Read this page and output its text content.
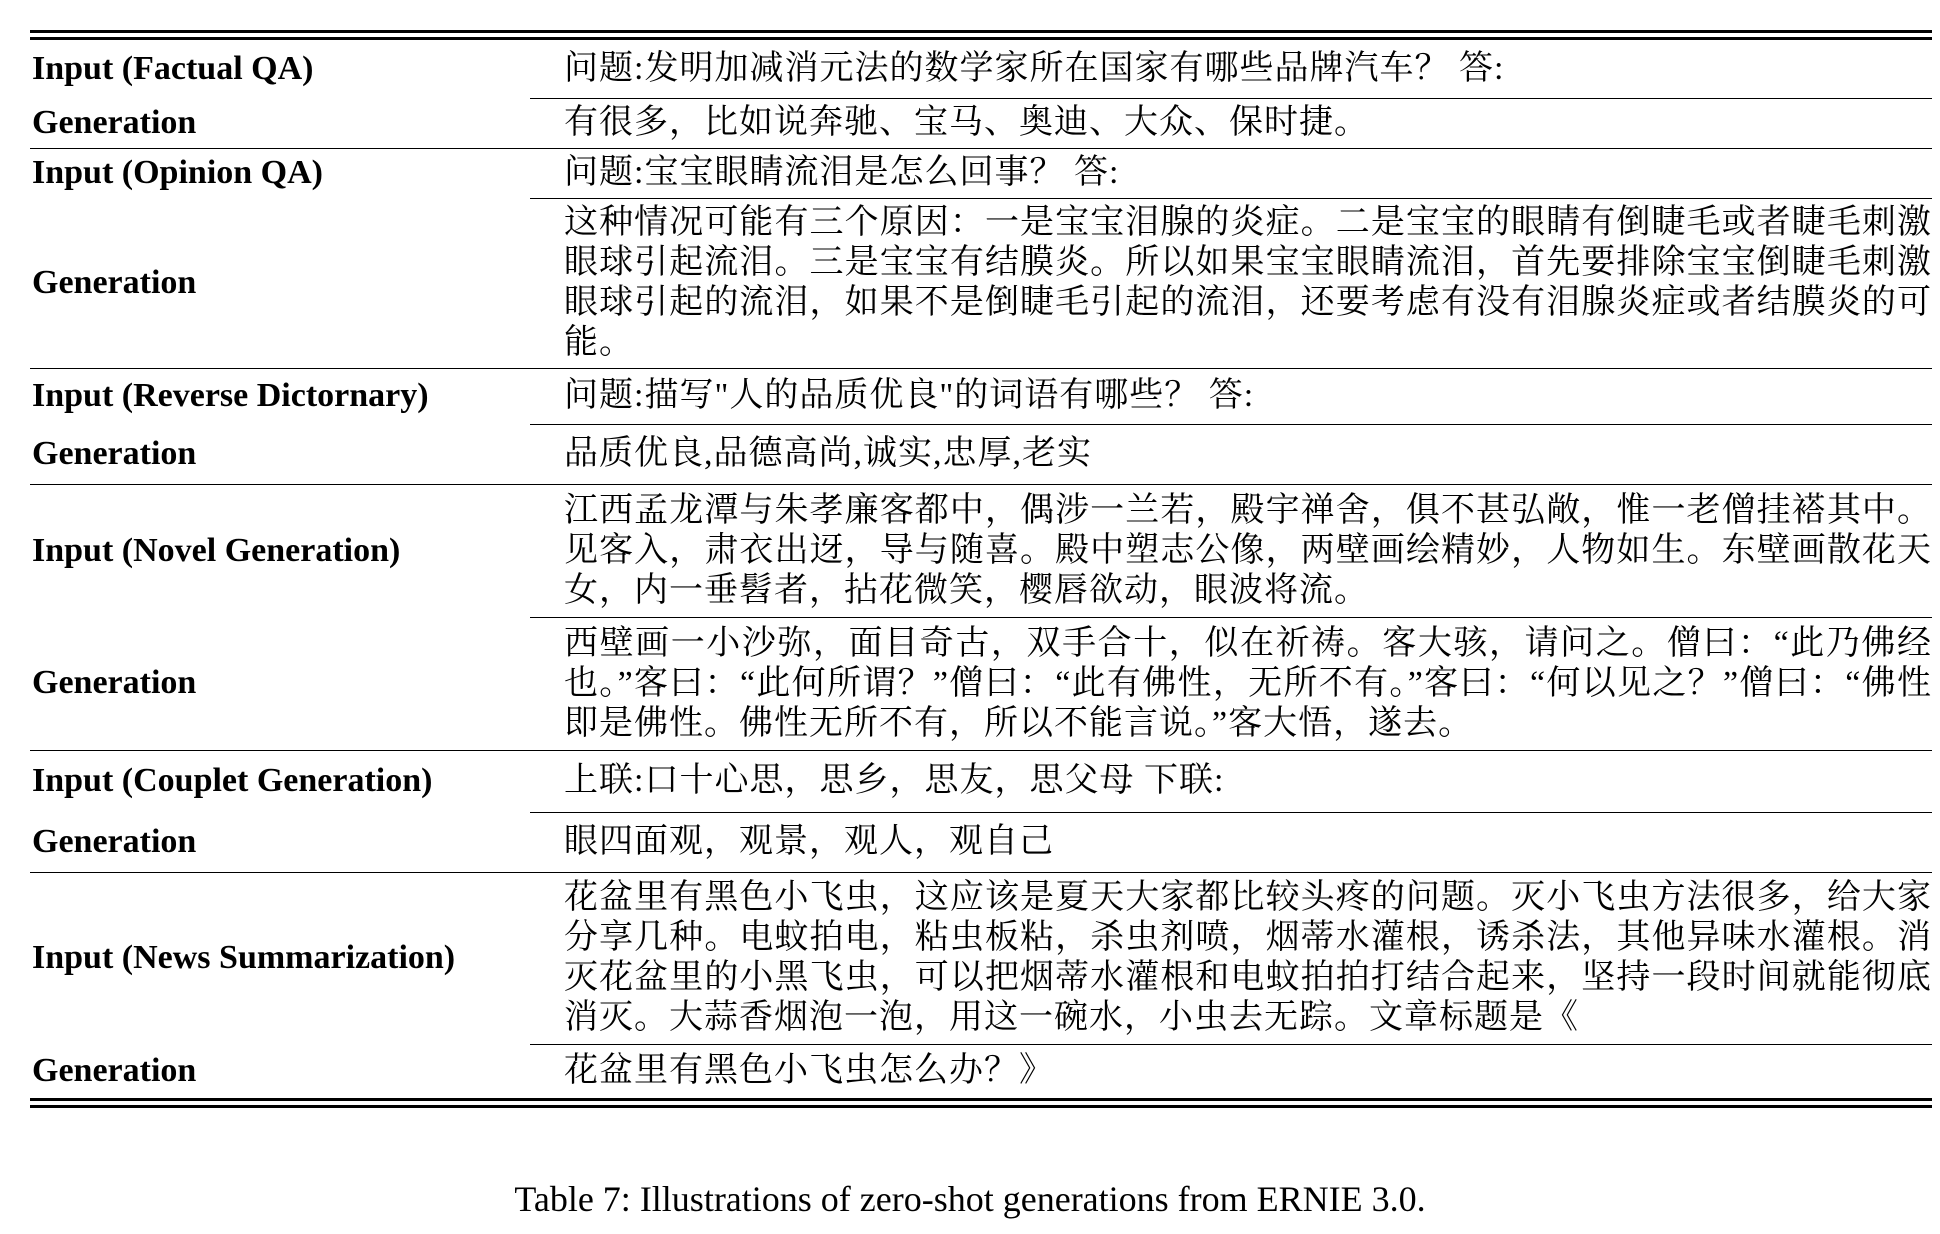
Input (Factual QA)	问题:发明加减消元法的数学家所在国家有哪些品牌汽车？ 答:
Generation	有很多，比如说奔驰、宝马、奥迪、大众、保时捷。
Input (Opinion QA)	问题:宝宝眼睛流泪是怎么回事？ 答:
Generation	这种情况可能有三个原因：一是宝宝泪腺的炎症。二是宝宝的眼睛有倒睫毛或者睫毛刺激眼球引起流泪。三是宝宝有结膜炎。所以如果宝宝眼睛流泪，首先要排除宝宝倒睫毛刺激眼球引起的流泪，如果不是倒睫毛引起的流泪，还要考虑有没有泪腺炎症或者结膜炎的可能。
Input (Reverse Dictornary)	问题:描写"人的品质优良"的词语有哪些？ 答:
Generation	品质优良,品德高尚,诚实,忠厚,老实
Input (Novel Generation)	江西孟龙潭与朱孝廉客都中，偶涉一兰若，殿宇禅舍，俱不甚弘敞，惟一老僧挂褡其中。见客入，肃衣出迓，导与随喜。殿中塑志公像，两壁画绘精妙，人物如生。东壁画散花天女，内一垂髫者，拈花微笑，樱唇欲动，眼波将流。
Generation	西壁画一小沙弥，面目奇古，双手合十，似在祈祷。客大骇，请问之。僧曰：“此乃佛经也。”客曰：“此何所谓？”僧曰：“此有佛性，无所不有。”客曰：“何以见之？”僧曰：“佛性即是佛性。佛性无所不有，所以不能言说。”客大悟，遂去。
Input (Couplet Generation)	上联:口十心思，思乡，思友，思父母 下联:
Generation	眼四面观，观景，观人，观自己
Input (News Summarization)	花盆里有黑色小飞虫，这应该是夏天大家都比较头疼的问题。灭小飞虫方法很多，给大家分享几种。电蚊拍电，粘虫板粘，杀虫剂喷，烟蒂水灌根，诱杀法，其他异味水灌根。消灭花盆里的小黑飞虫，可以把烟蒂水灌根和电蚊拍拍打结合起来，坚持一段时间就能彻底消灭。大蒜香烟泡一泡，用这一碗水，小虫去无踪。文章标题是《
Generation	花盆里有黑色小飞虫怎么办？》
Table 7: Illustrations of zero-shot generations from ERNIE 3.0.
